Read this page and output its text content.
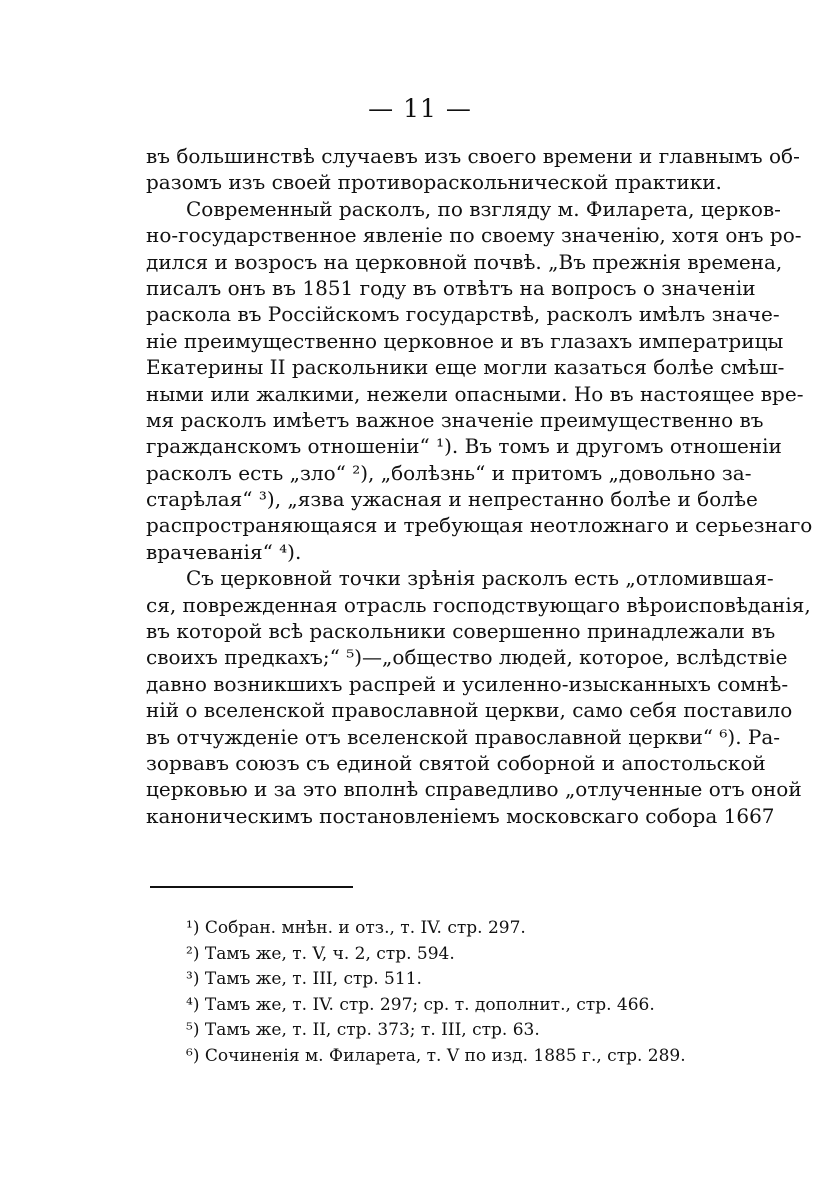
— 11 —
въ большинствѣ случаевъ изъ своего времени и главнымъ об-
разомъ изъ своей противораскольнической практики.
Современный расколъ, по взгляду м. Филарета, церков-
но-государственное явленіе по своему значенію, хотя онъ ро-
дился и возросъ на церковной почвѣ. „Въ прежнія времена,
писалъ онъ въ 1851 году въ отвѣтъ на вопросъ о значеніи
раскола въ Россійскомъ государствѣ, расколъ имѣлъ значе-
ніе преимущественно церковное и въ глазахъ императрицы
Екатерины II раскольники еще могли казаться болѣе смѣш-
ными или жалкими, нежели опасными. Но въ настоящее вре-
мя расколъ имѣетъ важное значеніе преимущественно въ
гражданскомъ отношеніи“ ¹). Въ томъ и другомъ отношеніи
расколъ есть „зло“ ²), „болѣзнь“ и притомъ „довольно за-
старѣлая“ ³), „язва ужасная и непрестанно болѣе и болѣе
распространяющаяся и требующая неотложнаго и серьезнаго
врачеванія“ ⁴).
Съ церковной точки зрѣнія расколъ есть „отломившая-
ся, поврежденная отрасль господствующаго вѣроисповѣданія,
въ которой всѣ раскольники совершенно принадлежали въ
своихъ предкахъ;“ ⁵)—„общество людей, которое, вслѣдствіе
давно возникшихъ распрей и усиленно-изысканныхъ сомнѣ-
ній о вселенской православной церкви, само себя поставило
въ отчужденіе отъ вселенской православной церкви“ ⁶). Ра-
зорвавъ союзъ съ единой святой соборной и апостольской
церковью и за это вполнѣ справедливо „отлученные отъ оной
каноническимъ постановленіемъ московскаго собора 1667
¹) Собран. мнѣн. и отз., т. IV. стр. 297.
²) Тамъ же, т. V, ч. 2, стр. 594.
³) Тамъ же, т. III, стр. 511.
⁴) Тамъ же, т. IV. стр. 297; ср. т. дополнит., стр. 466.
⁵) Тамъ же, т. II, стр. 373; т. III, стр. 63.
⁶) Сочиненія м. Филарета, т. V по изд. 1885 г., стр. 289.
